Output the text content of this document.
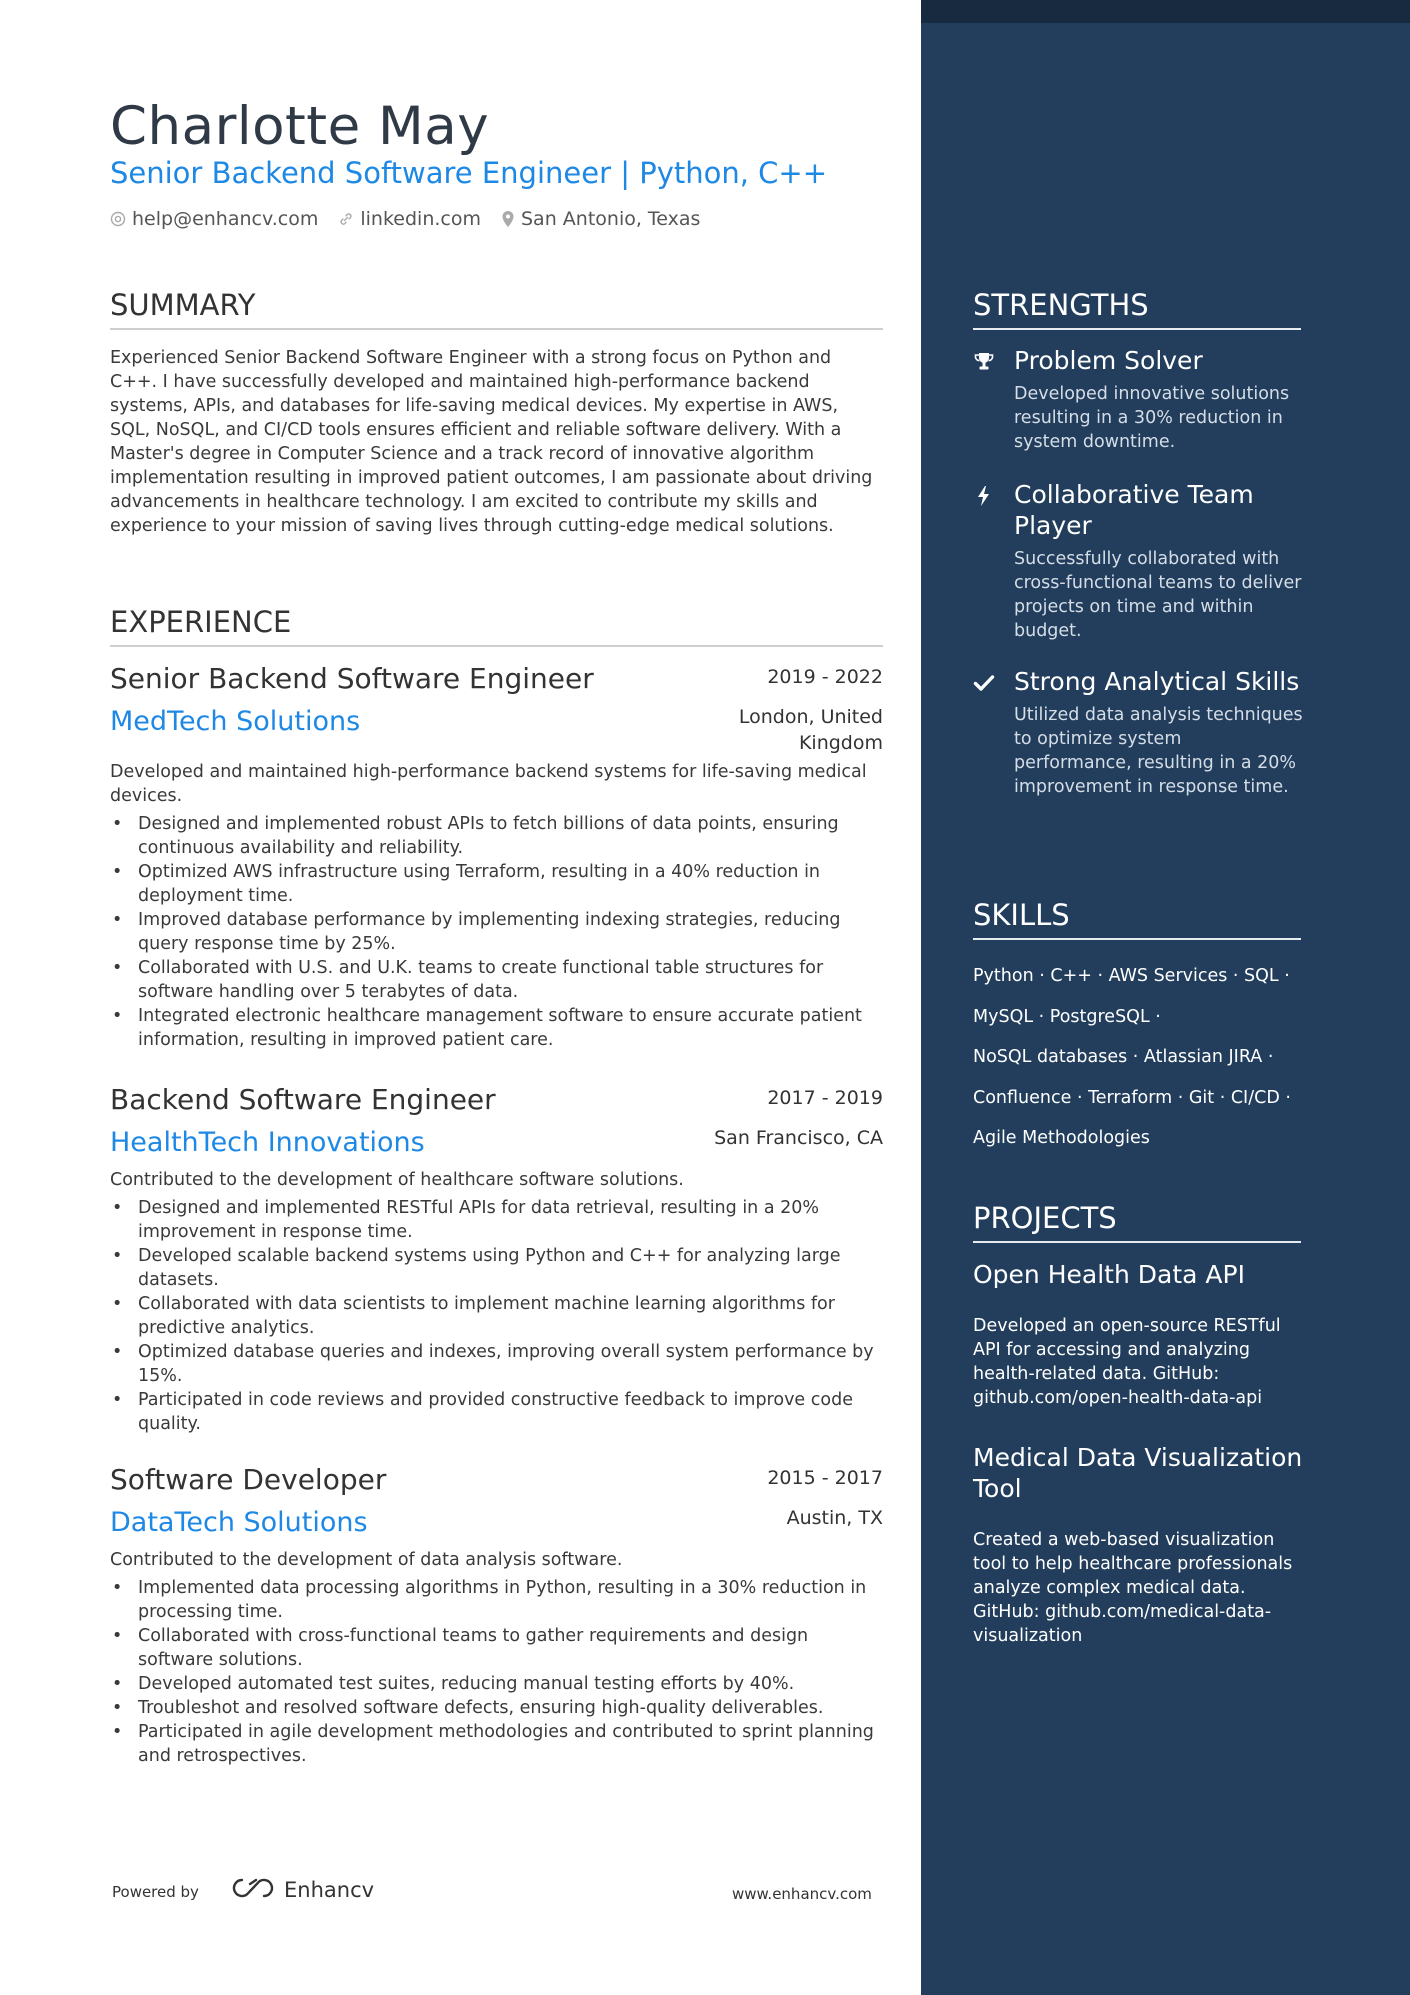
Charlotte May
Senior Backend Software Engineer | Python, C++
help@enhancv.com linkedin.com San Antonio, Texas
SUMMARY

Experienced Senior Backend Software Engineer with a strong focus on Python and C++. I have successfully developed and maintained high-performance backend systems, APIs, and databases for life-saving medical devices. My expertise in AWS, SQL, NoSQL, and CI/CD tools ensures efficient and reliable software delivery. With a Master's degree in Computer Science and a track record of innovative algorithm implementation resulting in improved patient outcomes, I am passionate about driving advancements in healthcare technology. I am excited to contribute my skills and experience to your mission of saving lives through cutting-edge medical solutions.

EXPERIENCE
Senior Backend Software Engineer	2019 - 2022
MedTech Solutions	London, United Kingdom

Developed and maintained high-performance backend systems for life-saving medical devices.

• Designed and implemented robust APIs to fetch billions of data points, ensuring continuous availability and reliability.
• Optimized AWS infrastructure using Terraform, resulting in a 40% reduction in deployment time.
• Improved database performance by implementing indexing strategies, reducing query response time by 25%.
• Collaborated with U.S. and U.K. teams to create functional table structures for software handling over 5 terabytes of data.
• Integrated electronic healthcare management software to ensure accurate patient information, resulting in improved patient care.
Backend Software Engineer	2017 - 2019
HealthTech Innovations	San Francisco, CA

Contributed to the development of healthcare software solutions.

• Designed and implemented RESTful APIs for data retrieval, resulting in a 20% improvement in response time.
• Developed scalable backend systems using Python and C++ for analyzing large datasets.
• Collaborated with data scientists to implement machine learning algorithms for predictive analytics.
• Optimized database queries and indexes, improving overall system performance by 15%.
• Participated in code reviews and provided constructive feedback to improve code quality.
Software Developer	2015 - 2017
DataTech Solutions	Austin, TX

Contributed to the development of data analysis software.

• Implemented data processing algorithms in Python, resulting in a 30% reduction in processing time.
• Collaborated with cross-functional teams to gather requirements and design software solutions.
• Developed automated test suites, reducing manual testing efforts by 40%.
• Troubleshot and resolved software defects, ensuring high-quality deliverables.
• Participated in agile development methodologies and contributed to sprint planning and retrospectives.
Powered by	Enhancv	www.enhancv.com
STRENGTHS
Problem Solver
Developed innovative solutions resulting in a 30% reduction in system downtime.
Collaborative Team Player
Successfully collaborated with cross-functional teams to deliver projects on time and within budget.
Strong Analytical Skills
Utilized data analysis techniques to optimize system performance, resulting in a 20% improvement in response time.
SKILLS
Python · C++ · AWS Services · SQL ·
MySQL · PostgreSQL ·
NoSQL databases · Atlassian JIRA ·
Confluence · Terraform · Git · CI/CD ·
Agile Methodologies
PROJECTS

Open Health Data API

Developed an open-source RESTful API for accessing and analyzing health-related data. GitHub: github.com/open-health-data-api

Medical Data Visualization Tool

Created a web-based visualization tool to help healthcare professionals analyze complex medical data. GitHub: github.com/medical-data-visualization
